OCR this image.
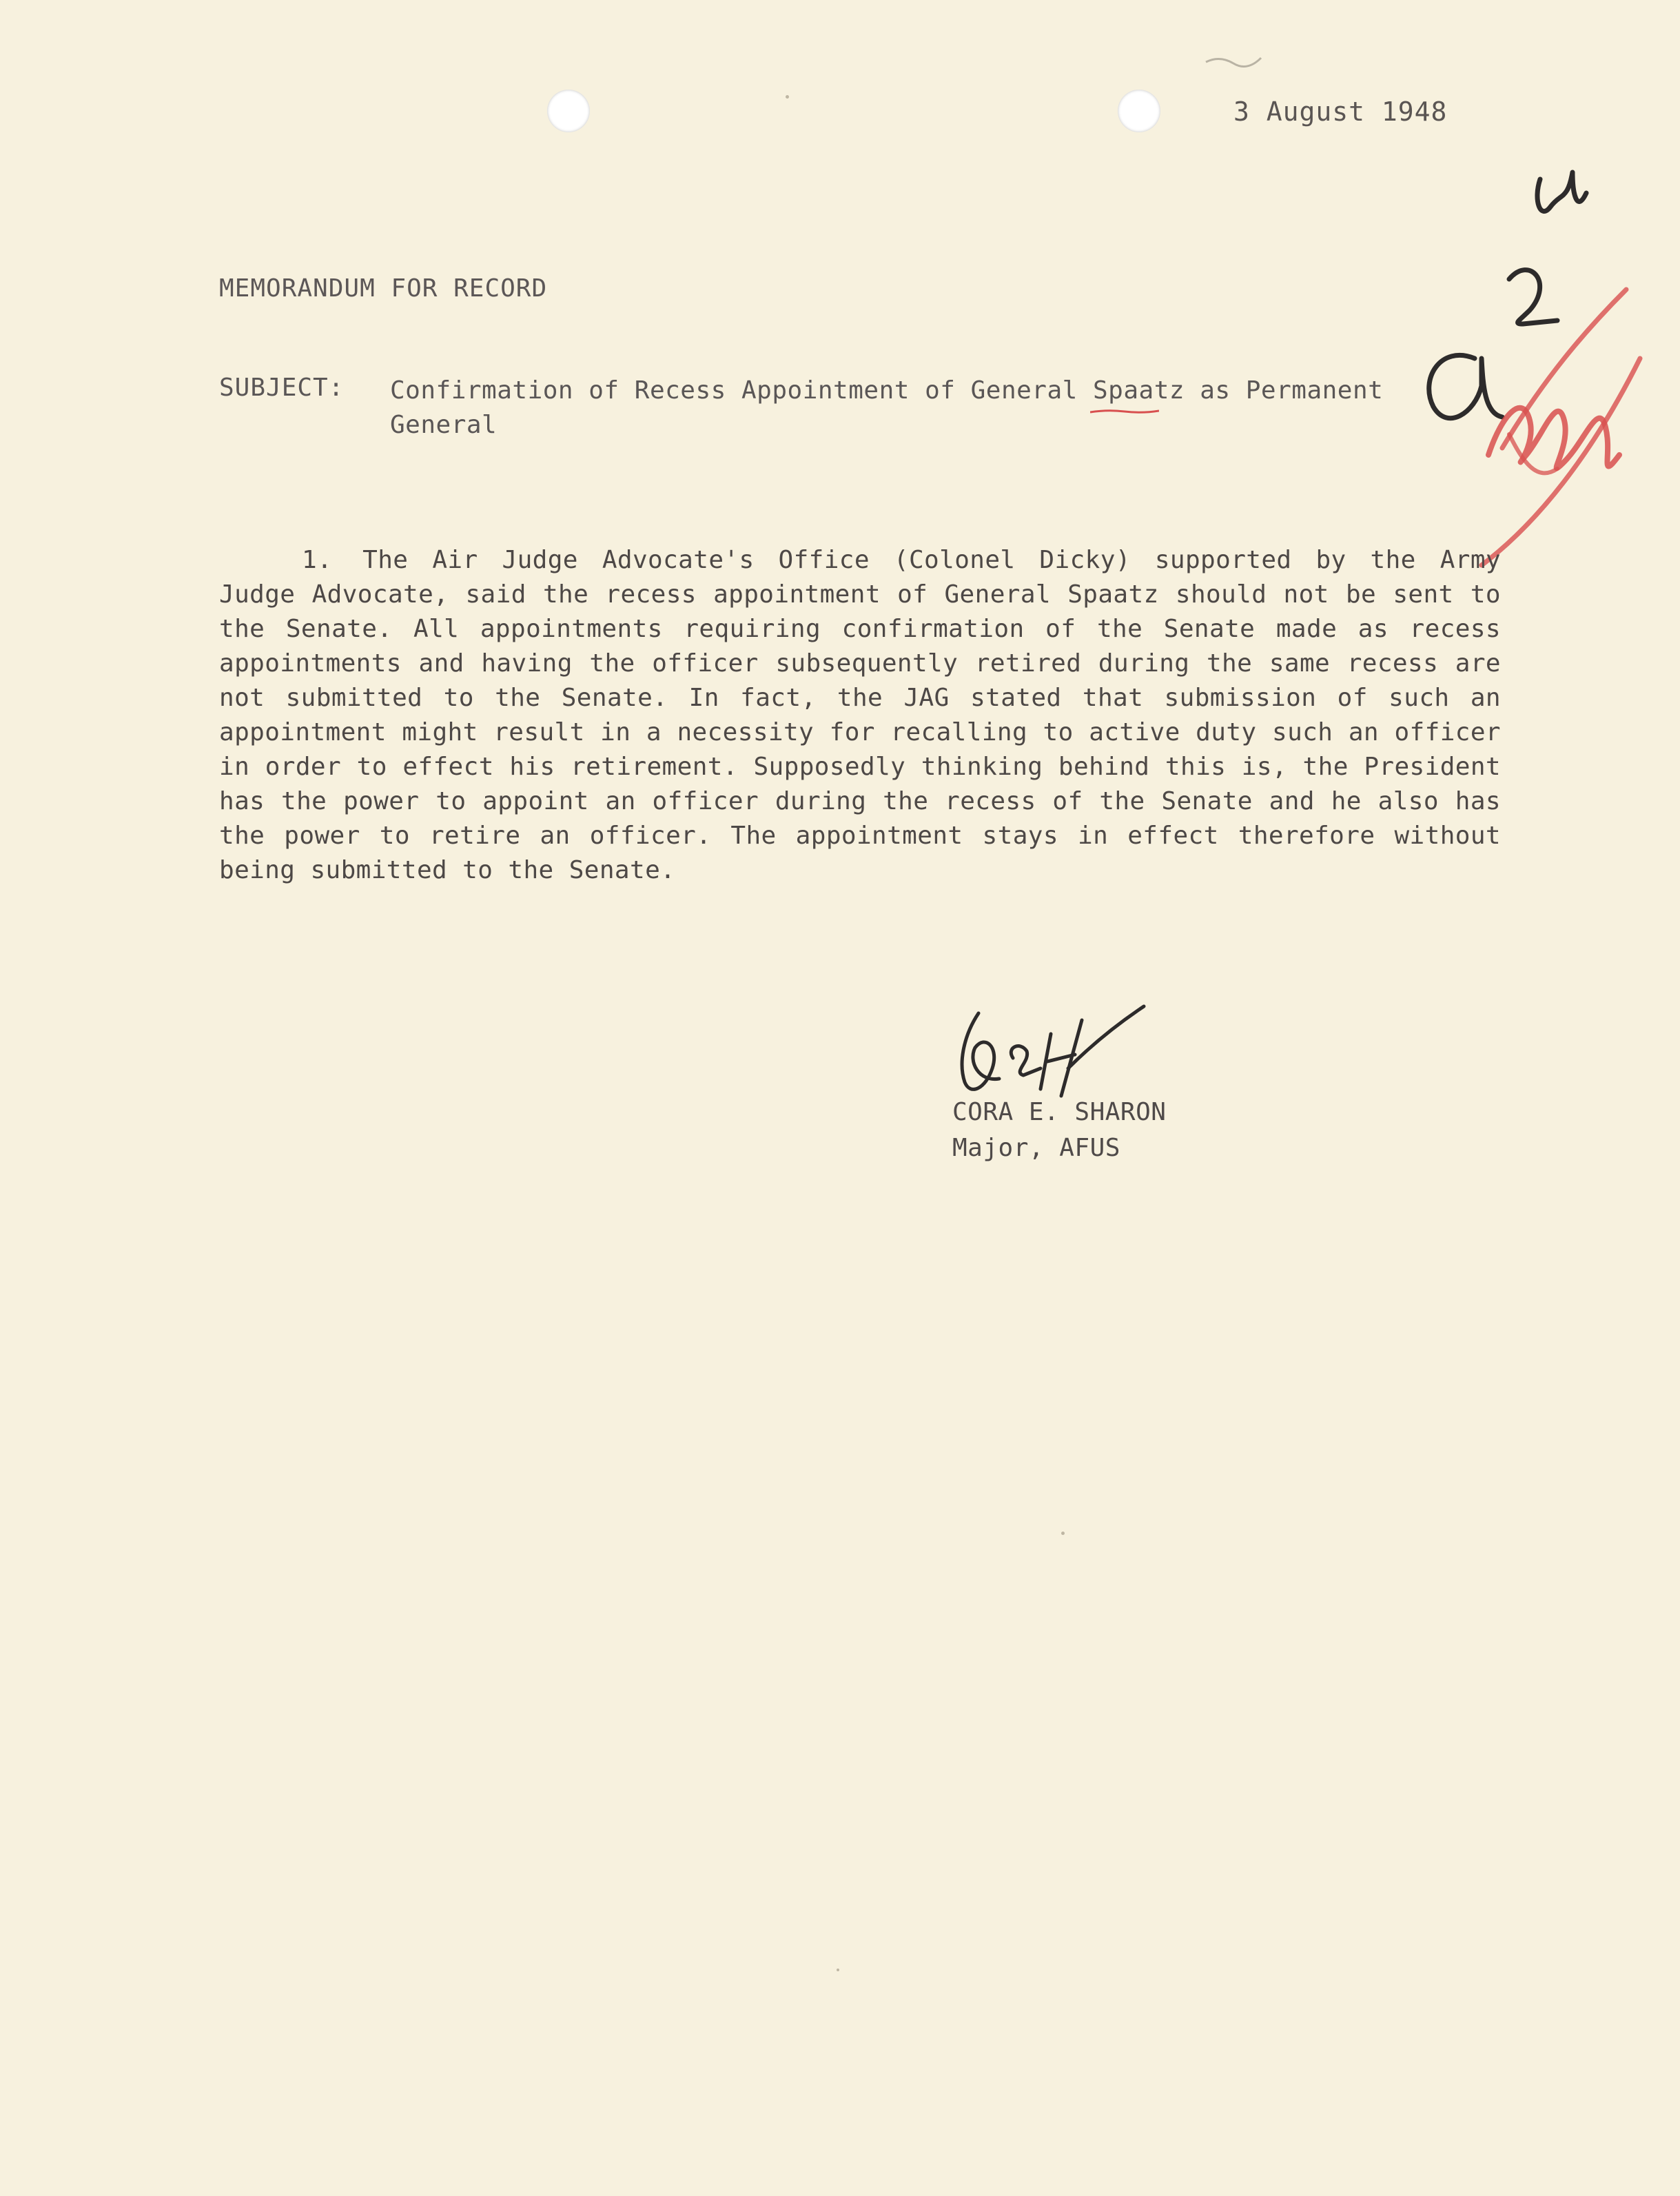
3 August 1948
MEMORANDUM FOR RECORD
SUBJECT: Confirmation of Recess Appointment of General Spaatz
as Permanent General
1. The Air Judge Advocate's Office (Colonel Dicky) supported by the Army Judge Advocate, said the recess appointment of General Spaatz should not be sent to the Senate. All appointments requiring confirmation of the Senate made as recess appointments and having the officer subsequently retired during the same recess are not submitted to the Senate. In fact, the JAG stated that submission of such an appointment might result in a necessity for recalling to active duty such an officer in order to effect his retirement. Supposedly thinking behind this is, the President has the power to appoint an officer during the recess of the Senate and he also has the power to retire an officer. The appointment stays in effect therefore without being submitted to the Senate.
CORA E. SHARON
Major, AFUS
